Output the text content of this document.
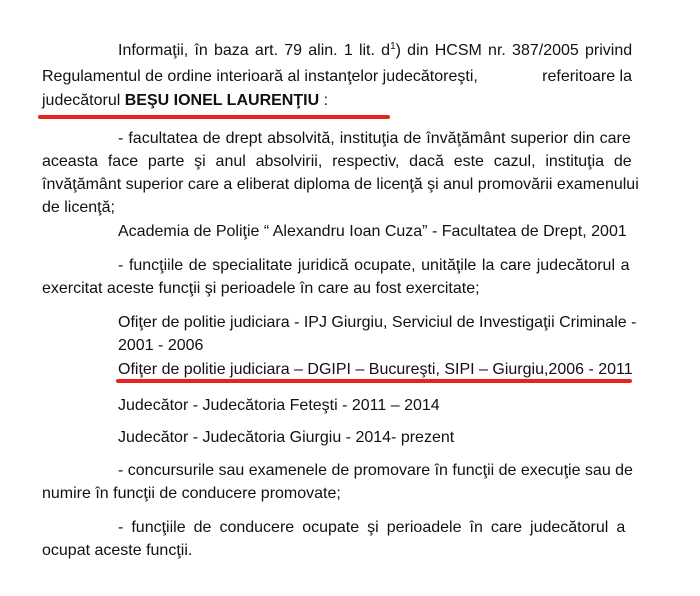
Informaţii, în baza art. 79 alin. 1 lit. d1) din HCSM nr. 387/2005 privind
Regulamentul de ordine interioară al instanţelor judecătoreşti,	referitoare la
judecătorul BEŞU IONEL LAURENŢIU :
- facultatea de drept absolvită, instituţia de învăţământ superior din care
aceasta face parte şi anul absolvirii, respectiv, dacă este cazul, instituţia de
învăţământ superior care a eliberat diploma de licenţă şi anul promovării examenului
de licenţă;
Academia de Poliţie “ Alexandru Ioan Cuza” - Facultatea de Drept, 2001
- funcţiile de specialitate juridică ocupate, unităţile la care judecătorul a
exercitat aceste funcţii şi perioadele în care au fost exercitate;
Ofiţer de politie judiciara - IPJ Giurgiu, Serviciul de Investigaţii Criminale -
2001 - 2006
Ofiţer de politie judiciara – DGIPI – Bucureşti, SIPI – Giurgiu, 2006 - 2011
Judecător - Judecătoria Feteşti - 2011 – 2014
Judecător - Judecătoria Giurgiu - 2014- prezent
- concursurile sau examenele de promovare în funcţii de execuţie sau de
numire în funcţii de conducere promovate;
- funcţiile de conducere ocupate şi perioadele în care judecătorul a
ocupat aceste funcţii.
